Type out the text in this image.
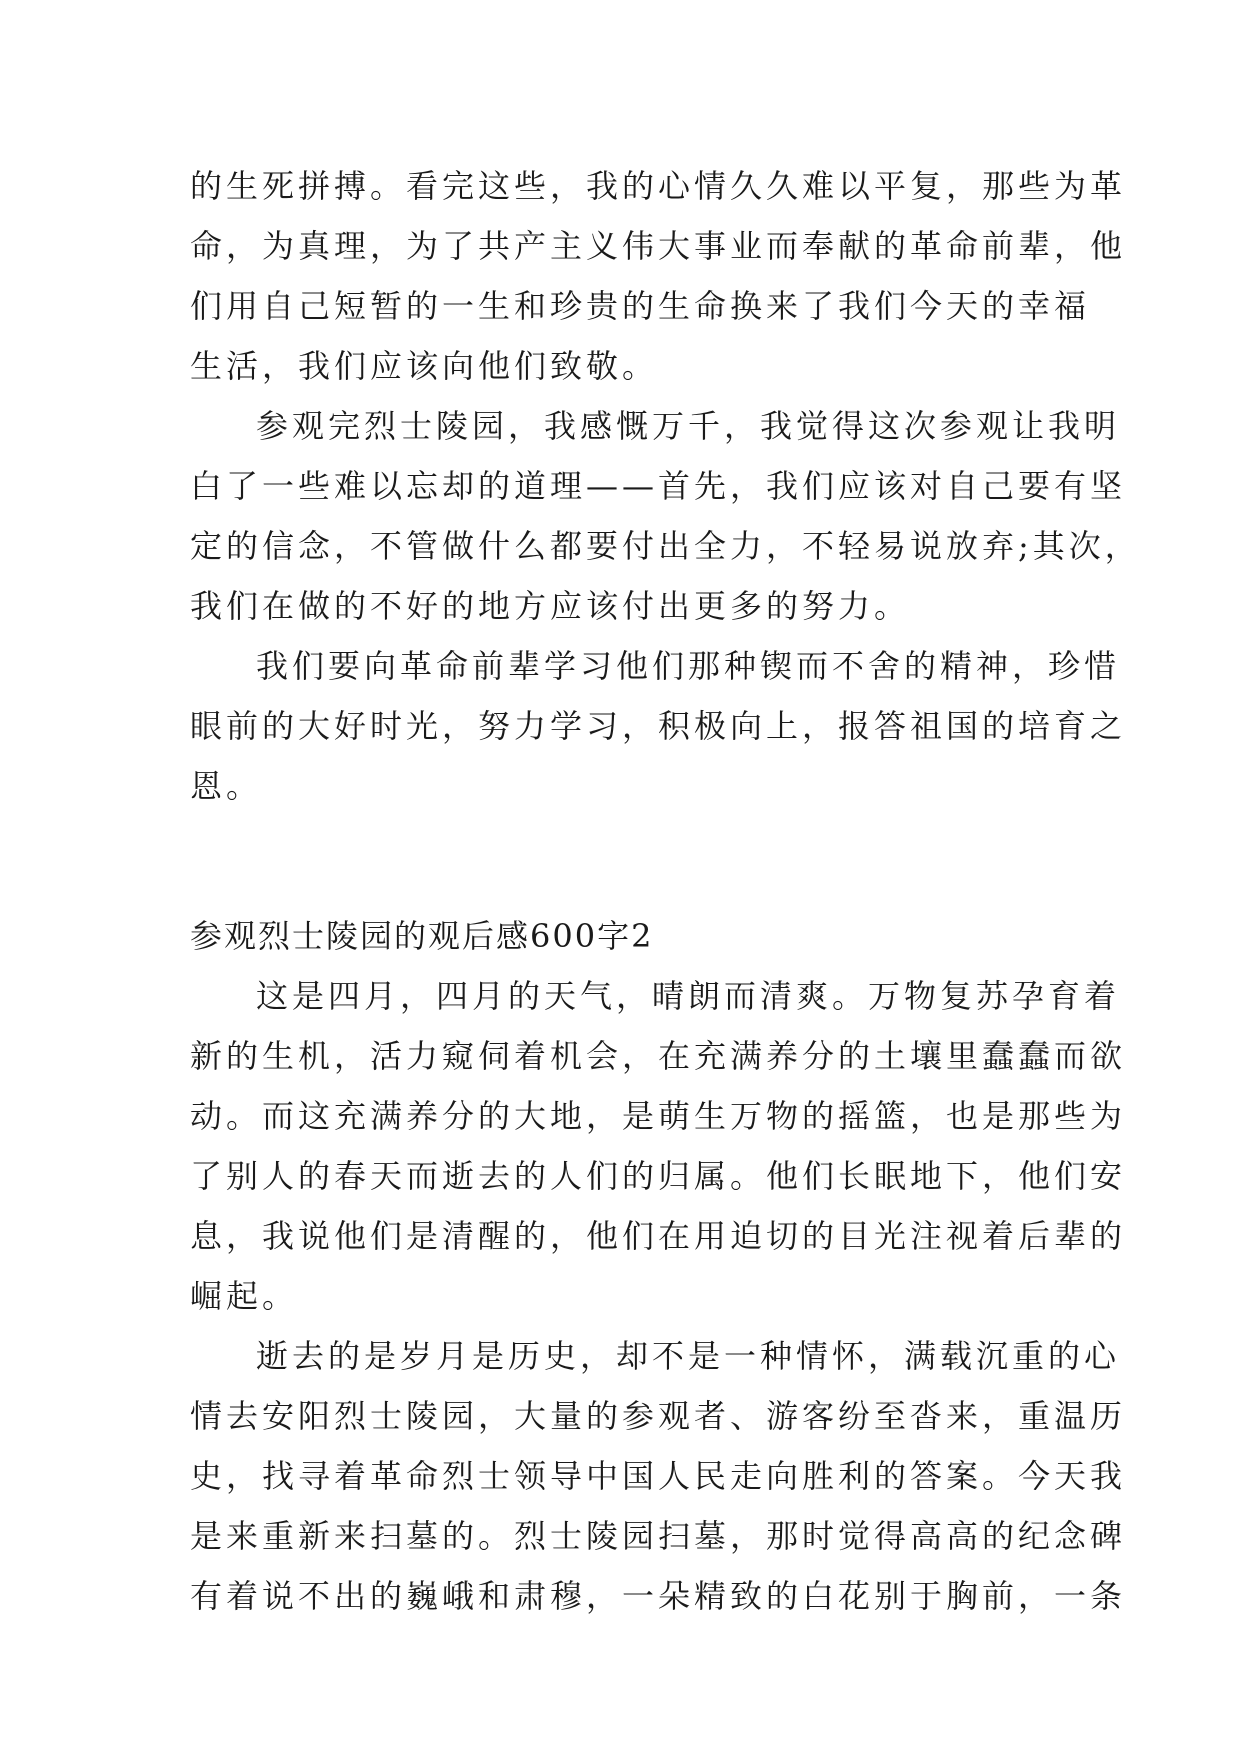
的生死拼搏。看完这些，我的心情久久难以平复，那些为革
命，为真理，为了共产主义伟大事业而奉献的革命前辈，他
们用自己短暂的一生和珍贵的生命换来了我们今天的幸福
生活，我们应该向他们致敬。
参观完烈士陵园，我感慨万千，我觉得这次参观让我明
白了一些难以忘却的道理——首先，我们应该对自己要有坚
定的信念，不管做什么都要付出全力，不轻易说放弃;其次，
我们在做的不好的地方应该付出更多的努力。
我们要向革命前辈学习他们那种锲而不舍的精神，珍惜
眼前的大好时光，努力学习，积极向上，报答祖国的培育之
恩。
参观烈士陵园的观后感600字2
这是四月，四月的天气，晴朗而清爽。万物复苏孕育着
新的生机，活力窥伺着机会，在充满养分的土壤里蠢蠢而欲
动。而这充满养分的大地，是萌生万物的摇篮，也是那些为
了别人的春天而逝去的人们的归属。他们长眠地下，他们安
息，我说他们是清醒的，他们在用迫切的目光注视着后辈的
崛起。
逝去的是岁月是历史，却不是一种情怀，满载沉重的心
情去安阳烈士陵园，大量的参观者、游客纷至沓来，重温历
史，找寻着革命烈士领导中国人民走向胜利的答案。今天我
是来重新来扫墓的。烈士陵园扫墓，那时觉得高高的纪念碑
有着说不出的巍峨和肃穆，一朵精致的白花别于胸前，一条
